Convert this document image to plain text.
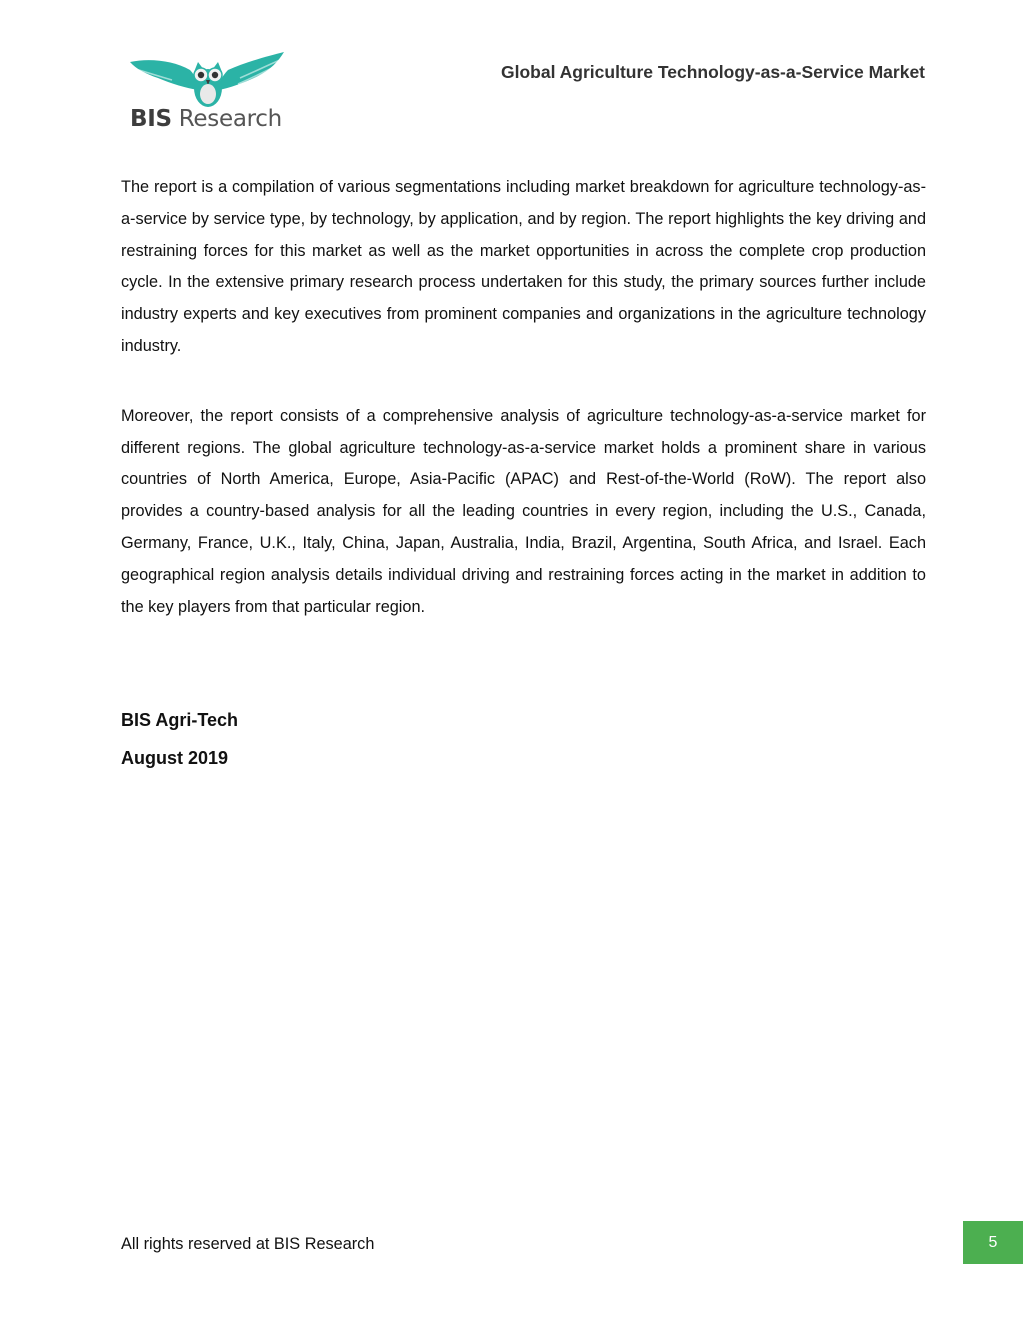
BIS Research
Global Agriculture Technology-as-a-Service Market

The report is a compilation of various segmentations including market breakdown for agriculture technology-as-a-service by service type, by technology, by application, and by region. The report highlights the key driving and restraining forces for this market as well as the market opportunities in across the complete crop production cycle. In the extensive primary research process undertaken for this study, the primary sources further include industry experts and key executives from prominent companies and organizations in the agriculture technology industry.

Moreover, the report consists of a comprehensive analysis of agriculture technology-as-a-service market for different regions. The global agriculture technology-as-a-service market holds a prominent share in various countries of North America, Europe, Asia-Pacific (APAC) and Rest-of-the-World (RoW). The report also provides a country-based analysis for all the leading countries in every region, including the U.S., Canada, Germany, France, U.K., Italy, China, Japan, Australia, India, Brazil, Argentina, South Africa, and Israel. Each geographical region analysis details individual driving and restraining forces acting in the market in addition to the key players from that particular region.

BIS Agri-Tech
August 2019
All rights reserved at BIS Research	5
